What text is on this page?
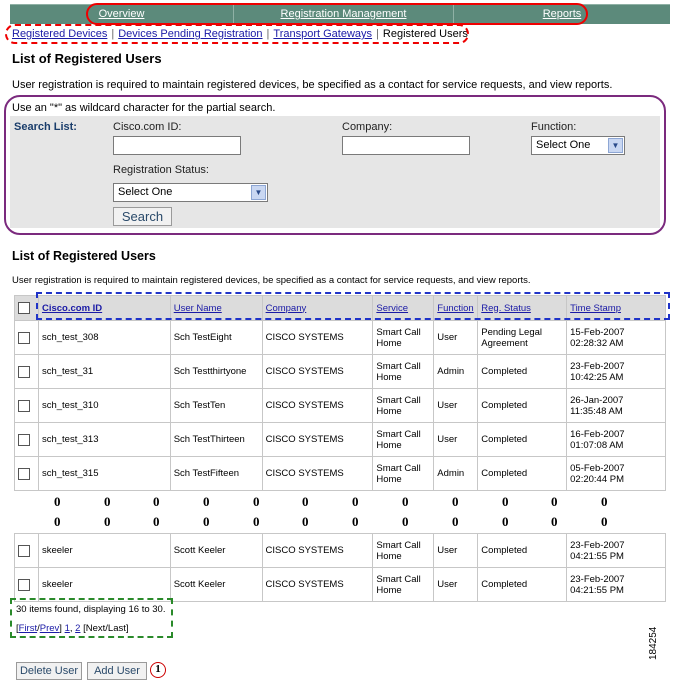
Overview	Registration Management	Reports
Registered Devices | Devices Pending Registration | Transport Gateways | Registered Users
List of Registered Users
User registration is required to maintain registered devices, be specified as a contact for service requests, and view reports.
Use an "*" as wildcard character for the partial search.
Search List:	Cisco.com ID:	Company:	Function:
Select One	▼
Registration Status:
Select One	▼
Search
List of Registered Users
User registration is required to maintain registered devices, be specified as a contact for service requests, and view reports.
	Cisco.com ID	User Name	Company	Service	Function	Reg. Status	Time Stamp
	sch_test_308	Sch TestEight	CISCO SYSTEMS	Smart Call Home	User	Pending Legal Agreement	15-Feb-2007
02:28:32 AM
	sch_test_31	Sch Testthirtyone	CISCO SYSTEMS	Smart Call Home	Admin	Completed	23-Feb-2007
10:42:25 AM
	sch_test_310	Sch TestTen	CISCO SYSTEMS	Smart Call Home	User	Completed	26-Jan-2007
11:35:48 AM
	sch_test_313	Sch TestThirteen	CISCO SYSTEMS	Smart Call Home	User	Completed	16-Feb-2007
01:07:08 AM
	sch_test_315	Sch TestFifteen	CISCO SYSTEMS	Smart Call Home	Admin	Completed	05-Feb-2007
02:20:44 PM
0	0	0	0	0	0	0	0	0	0	0	0
0	0	0	0	0	0	0	0	0	0	0	0
	skeeler	Scott Keeler	CISCO SYSTEMS	Smart Call Home	User	Completed	23-Feb-2007
04:21:55 PM
	skeeler	Scott Keeler	CISCO SYSTEMS	Smart Call Home	User	Completed	23-Feb-2007
04:21:55 PM
30 items found, displaying 16 to 30.
[First/Prev] 1, 2 [Next/Last]
Delete User	Add User	1
184254
